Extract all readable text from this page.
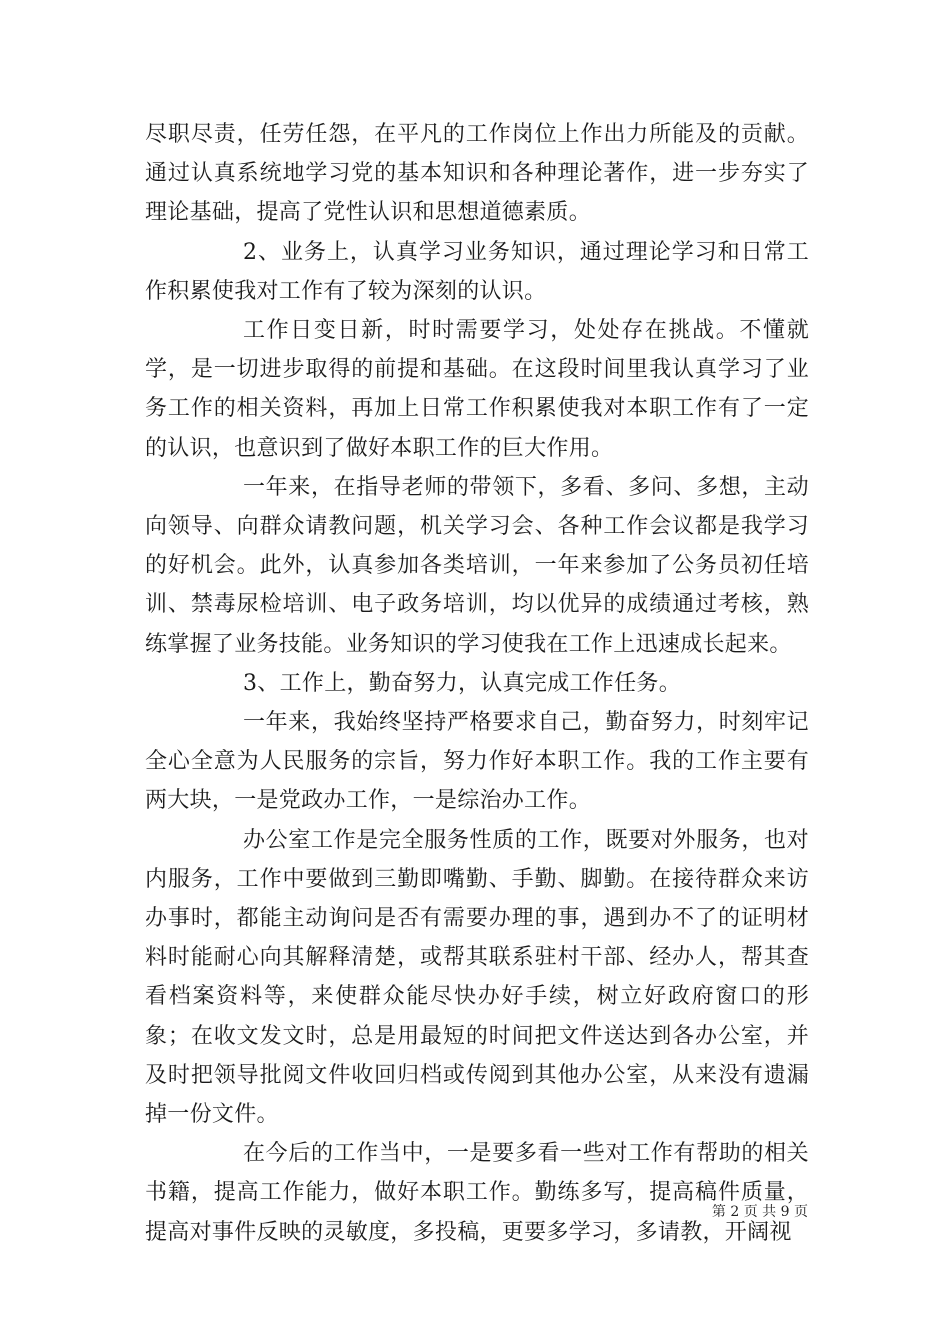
尽职尽责，任劳任怨，在平凡的工作岗位上作出力所能及的贡献。通过认真系统地学习党的基本知识和各种理论著作，进一步夯实了理论基础，提高了党性认识和思想道德素质。

2、业务上，认真学习业务知识，通过理论学习和日常工作积累使我对工作有了较为深刻的认识。

工作日变日新，时时需要学习，处处存在挑战。不懂就学，是一切进步取得的前提和基础。在这段时间里我认真学习了业务工作的相关资料，再加上日常工作积累使我对本职工作有了一定的认识，也意识到了做好本职工作的巨大作用。

一年来，在指导老师的带领下，多看、多问、多想，主动向领导、向群众请教问题，机关学习会、各种工作会议都是我学习的好机会。此外，认真参加各类培训，一年来参加了公务员初任培训、禁毒尿检培训、电子政务培训，均以优异的成绩通过考核，熟练掌握了业务技能。业务知识的学习使我在工作上迅速成长起来。

3、工作上，勤奋努力，认真完成工作任务。

一年来，我始终坚持严格要求自己，勤奋努力，时刻牢记全心全意为人民服务的宗旨，努力作好本职工作。我的工作主要有两大块，一是党政办工作，一是综治办工作。

办公室工作是完全服务性质的工作，既要对外服务，也对内服务，工作中要做到三勤即嘴勤、手勤、脚勤。在接待群众来访办事时，都能主动询问是否有需要办理的事，遇到办不了的证明材料时能耐心向其解释清楚，或帮其联系驻村干部、经办人，帮其查看档案资料等，来使群众能尽快办好手续，树立好政府窗口的形象；在收文发文时，总是用最短的时间把文件送达到各办公室，并及时把领导批阅文件收回归档或传阅到其他办公室，从来没有遗漏掉一份文件。

在今后的工作当中，一是要多看一些对工作有帮助的相关书籍，提高工作能力，做好本职工作。勤练多写，提高稿件质量，提高对事件反映的灵敏度，多投稿，更要多学习，多请教，开阔视

第 2 页 共 9 页
